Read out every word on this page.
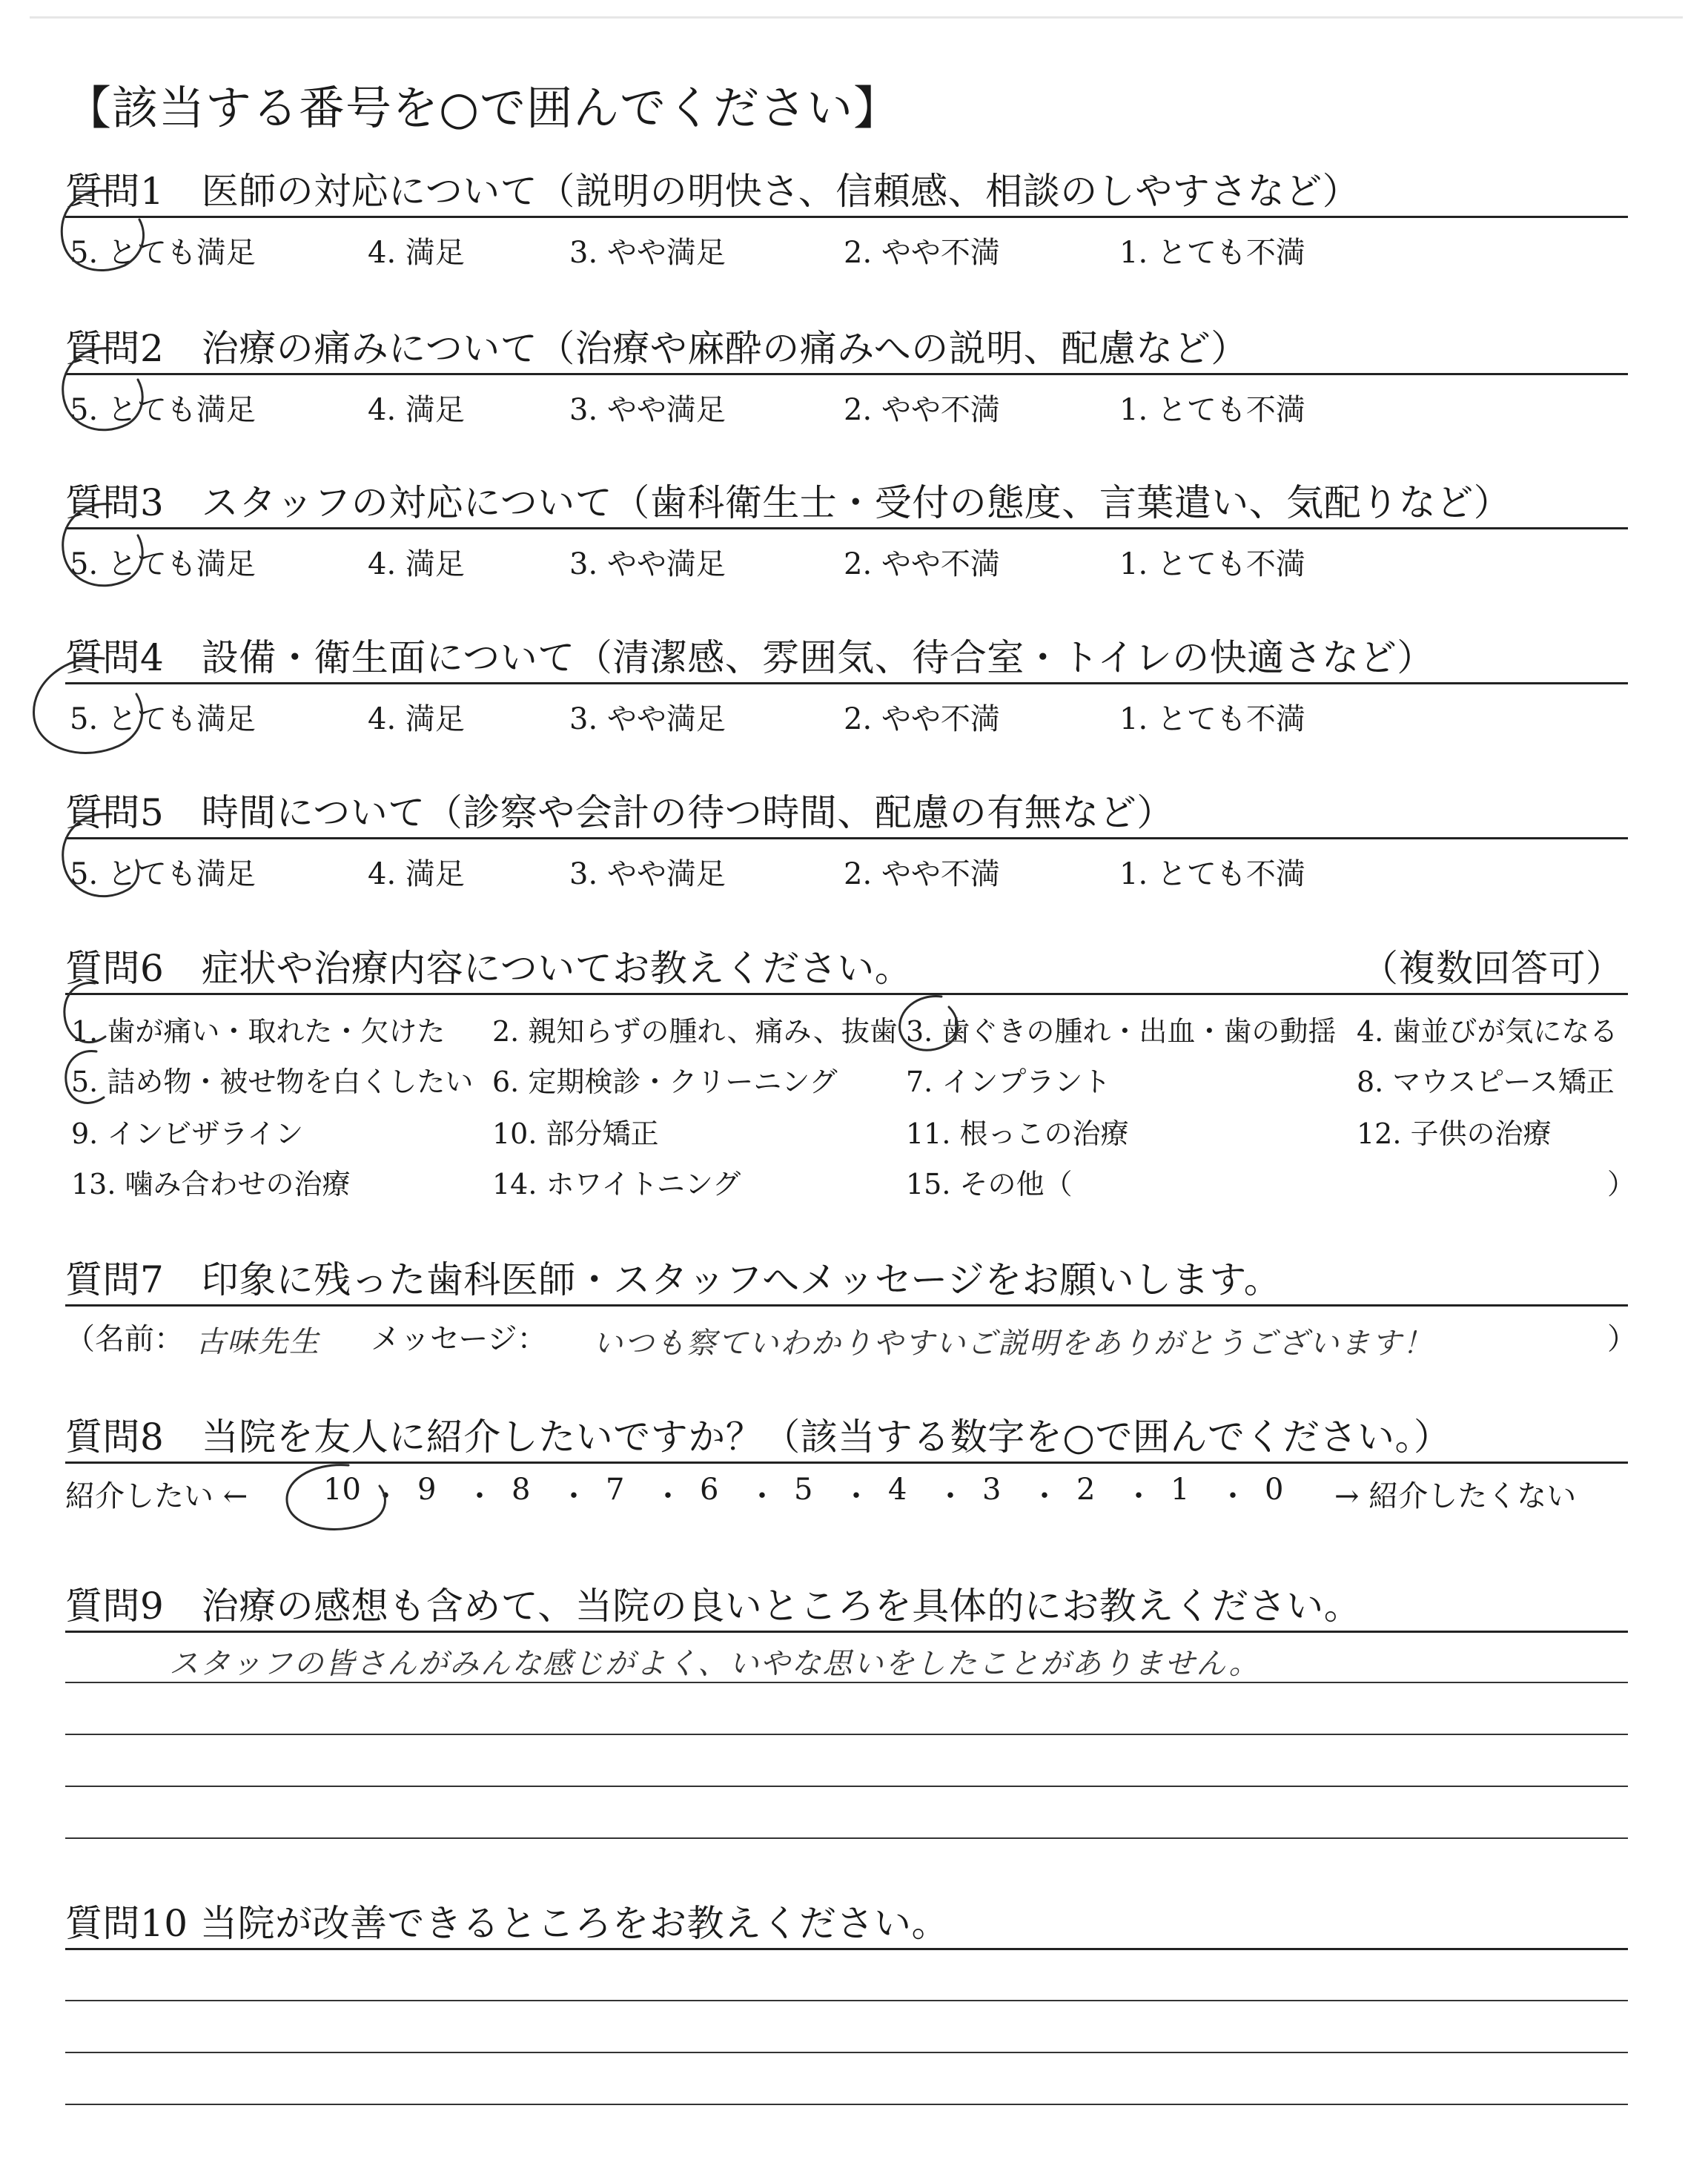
【該当する番号を○で囲んでください】
質問1　医師の対応について（説明の明快さ、信頼感、相談のしやすさなど）
5. とても満足	4. 満足	3. やや満足	2. やや不満	1. とても不満
質問2　治療の痛みについて（治療や麻酔の痛みへの説明、配慮など）
5. とても満足	4. 満足	3. やや満足	2. やや不満	1. とても不満
質問3　スタッフの対応について（歯科衛生士・受付の態度、言葉遣い、気配りなど）
5. とても満足	4. 満足	3. やや満足	2. やや不満	1. とても不満
質問4　設備・衛生面について（清潔感、雰囲気、待合室・トイレの快適さなど）
5. とても満足	4. 満足	3. やや満足	2. やや不満	1. とても不満
質問5　時間について（診察や会計の待つ時間、配慮の有無など）
5. とても満足	4. 満足	3. やや満足	2. やや不満	1. とても不満
質問6　症状や治療内容についてお教えください。	（複数回答可）
1. 歯が痛い・取れた・欠けた 2. 親知らずの腫れ、痛み、抜歯 3. 歯ぐきの腫れ・出血・歯の動揺 4. 歯並びが気になる
5. 詰め物・被せ物を白くしたい 6. 定期検診・クリーニング 7. インプラント	8. マウスピース矯正
9. インビザライン	10. 部分矯正	11. 根っこの治療	12. 子供の治療
13. 噛み合わせの治療	14. ホワイトニング	15. その他（	）
質問7　印象に残った歯科医師・スタッフへメッセージをお願いします。
（名前： 古味先生 メッセージ： いつも察ていわかりやすいご説明をありがとうございます！	）
質問8　当院を友人に紹介したいですか？（該当する数字を○で囲んでください。）
紹介したい ←	10 ・ 9 ・ 8 ・ 7 ・ 6 ・ 5 ・ 4 ・ 3 ・ 2 ・ 1 ・ 0 → 紹介したくない
質問9　治療の感想も含めて、当院の良いところを具体的にお教えください。
スタッフの皆さんがみんな感じがよく、いやな思いをしたことがありません。
質問10 当院が改善できるところをお教えください。
